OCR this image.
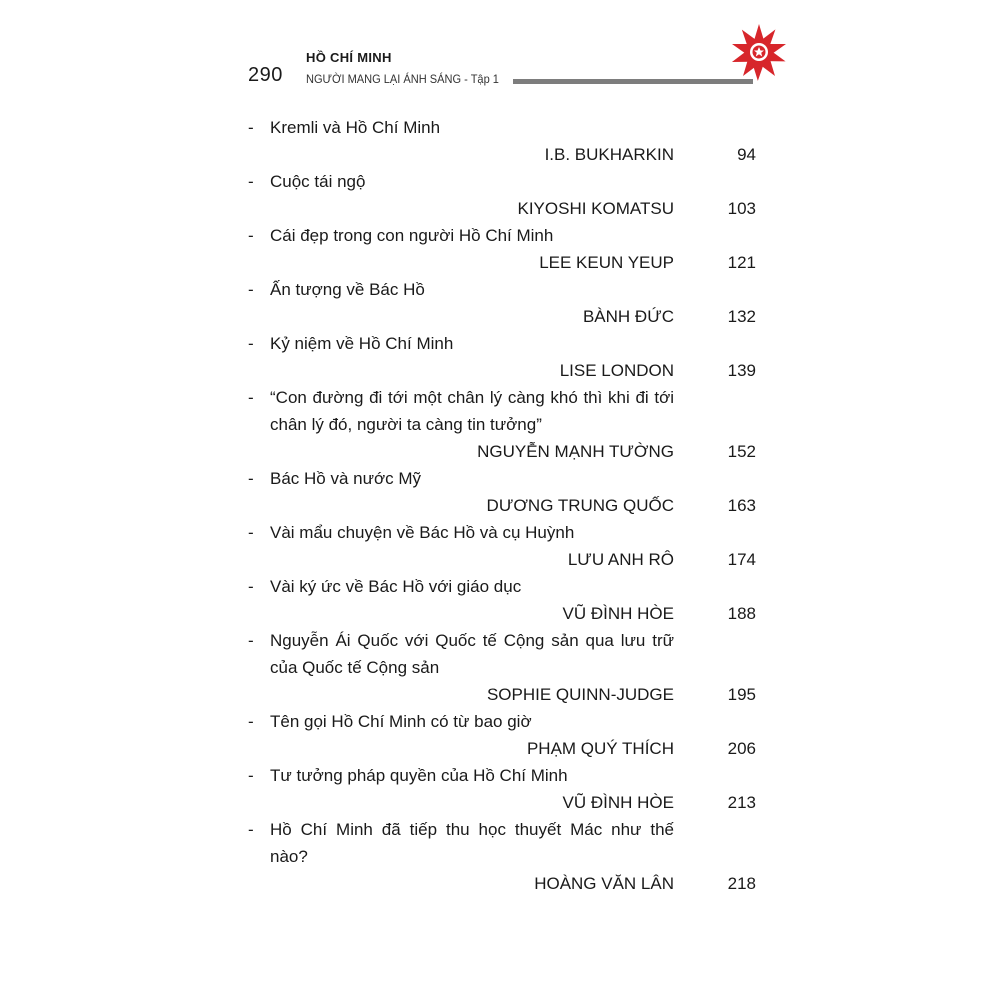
290
HỒ CHÍ MINH
NGƯỜI MANG LẠI ÁNH SÁNG - Tập 1
- Kremli và Hồ Chí Minh
I.B. BUKHARKIN	94
- Cuộc tái ngộ
KIYOSHI KOMATSU	103
- Cái đẹp trong con người Hồ Chí Minh
LEE KEUN YEUP	121
- Ấn tượng về Bác Hồ
BÀNH ĐỨC	132
- Kỷ niệm về Hồ Chí Minh
LISE LONDON	139
- “Con đường đi tới một chân lý càng khó thì khi đi tới chân lý đó, người ta càng tin tưởng”
NGUYỄN MẠNH TƯỜNG	152
- Bác Hồ và nước Mỹ
DƯƠNG TRUNG QUỐC	163
- Vài mẩu chuyện về Bác Hồ và cụ Huỳnh
LƯU ANH RÔ	174
- Vài ký ức về Bác Hồ với giáo dục
VŨ ĐÌNH HÒE	188
- Nguyễn Ái Quốc với Quốc tế Cộng sản qua lưu trữ của Quốc tế Cộng sản
SOPHIE QUINN-JUDGE	195
- Tên gọi Hồ Chí Minh có từ bao giờ
PHẠM QUÝ THÍCH	206
- Tư tưởng pháp quyền của Hồ Chí Minh
VŨ ĐÌNH HÒE	213
- Hồ Chí Minh đã tiếp thu học thuyết Mác như thế nào?
HOÀNG VĂN LÂN	218
